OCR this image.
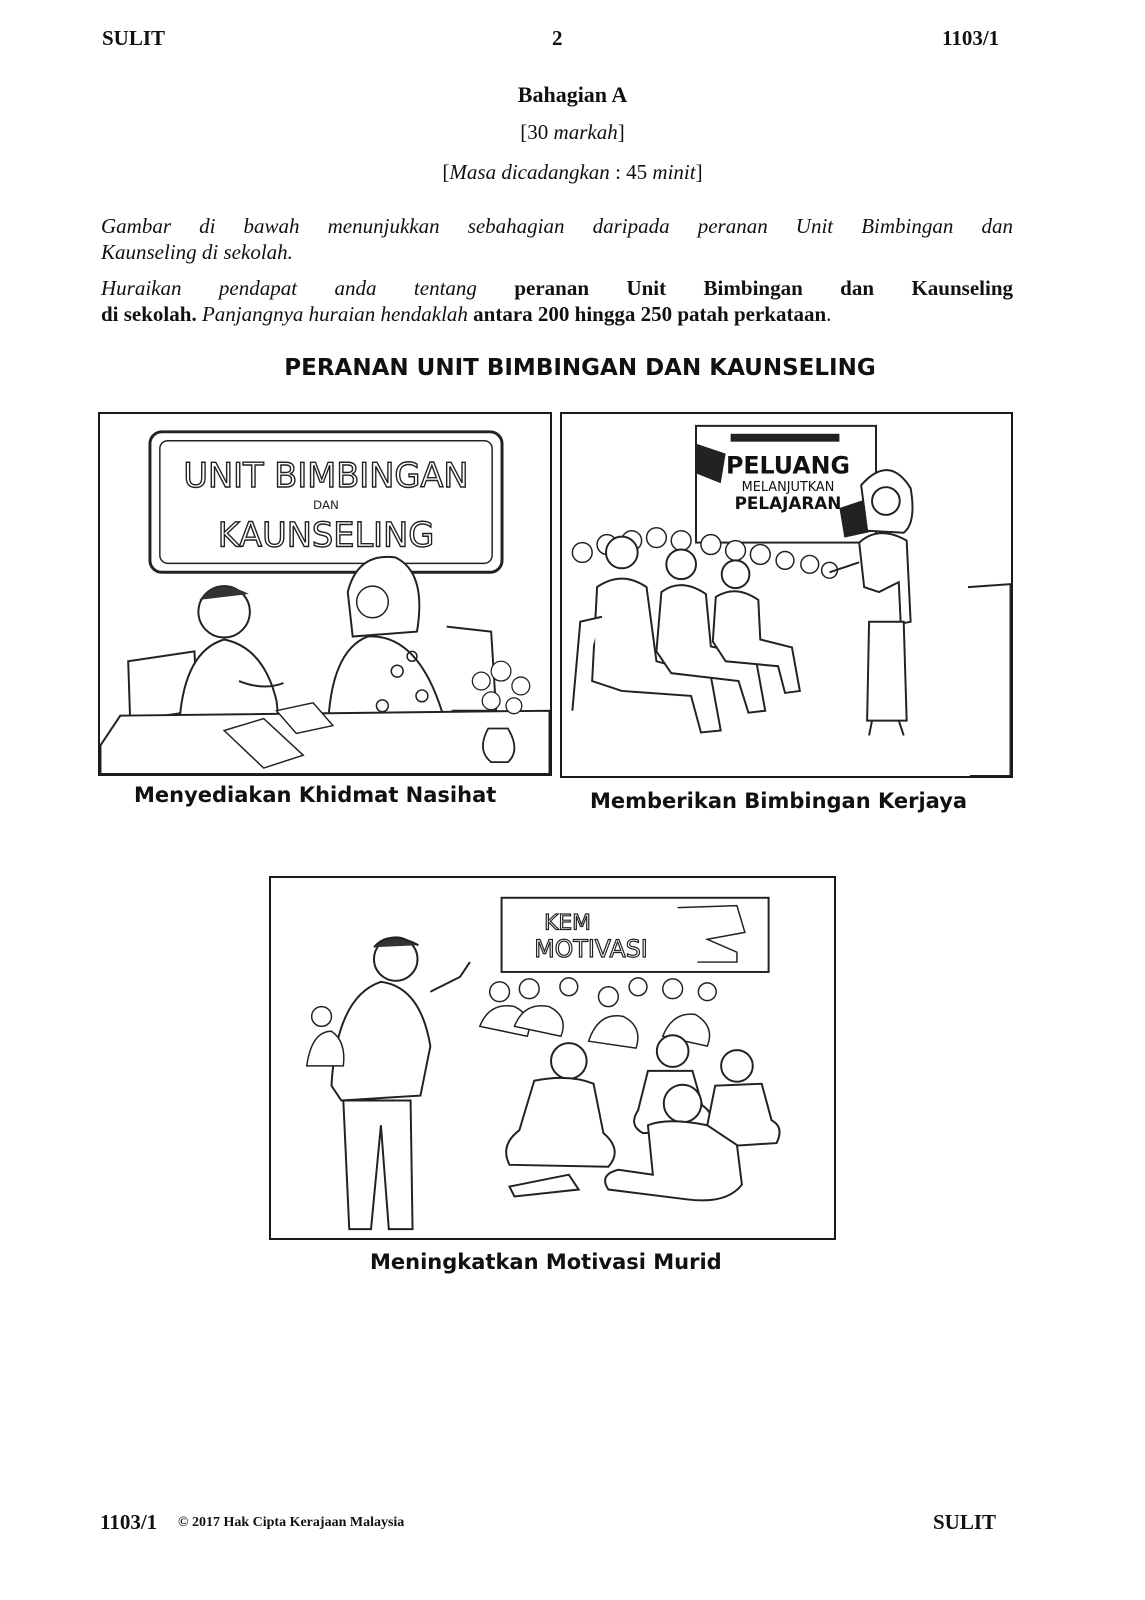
SULIT	2	1103/1
Bahagian A
[30 markah]
[Masa dicadangkan : 45 minit]
Gambar di bawah menunjukkan sebahagian daripada peranan Unit Bimbingan dan
Kaunseling di sekolah.
Huraikan pendapat anda tentang peranan Unit Bimbingan dan Kaunseling
di sekolah. Panjangnya huraian hendaklah antara 200 hingga 250 patah perkataan.
PERANAN UNIT BIMBINGAN DAN KAUNSELING
UNIT BIMBINGAN
DAN
KAUNSELING
Menyediakan Khidmat Nasihat
PELUANG
MELANJUTKAN
PELAJARAN
Memberikan Bimbingan Kerjaya
KEM
MOTIVASI
Meningkatkan Motivasi Murid
1103/1 © 2017 Hak Cipta Kerajaan Malaysia	SULIT
